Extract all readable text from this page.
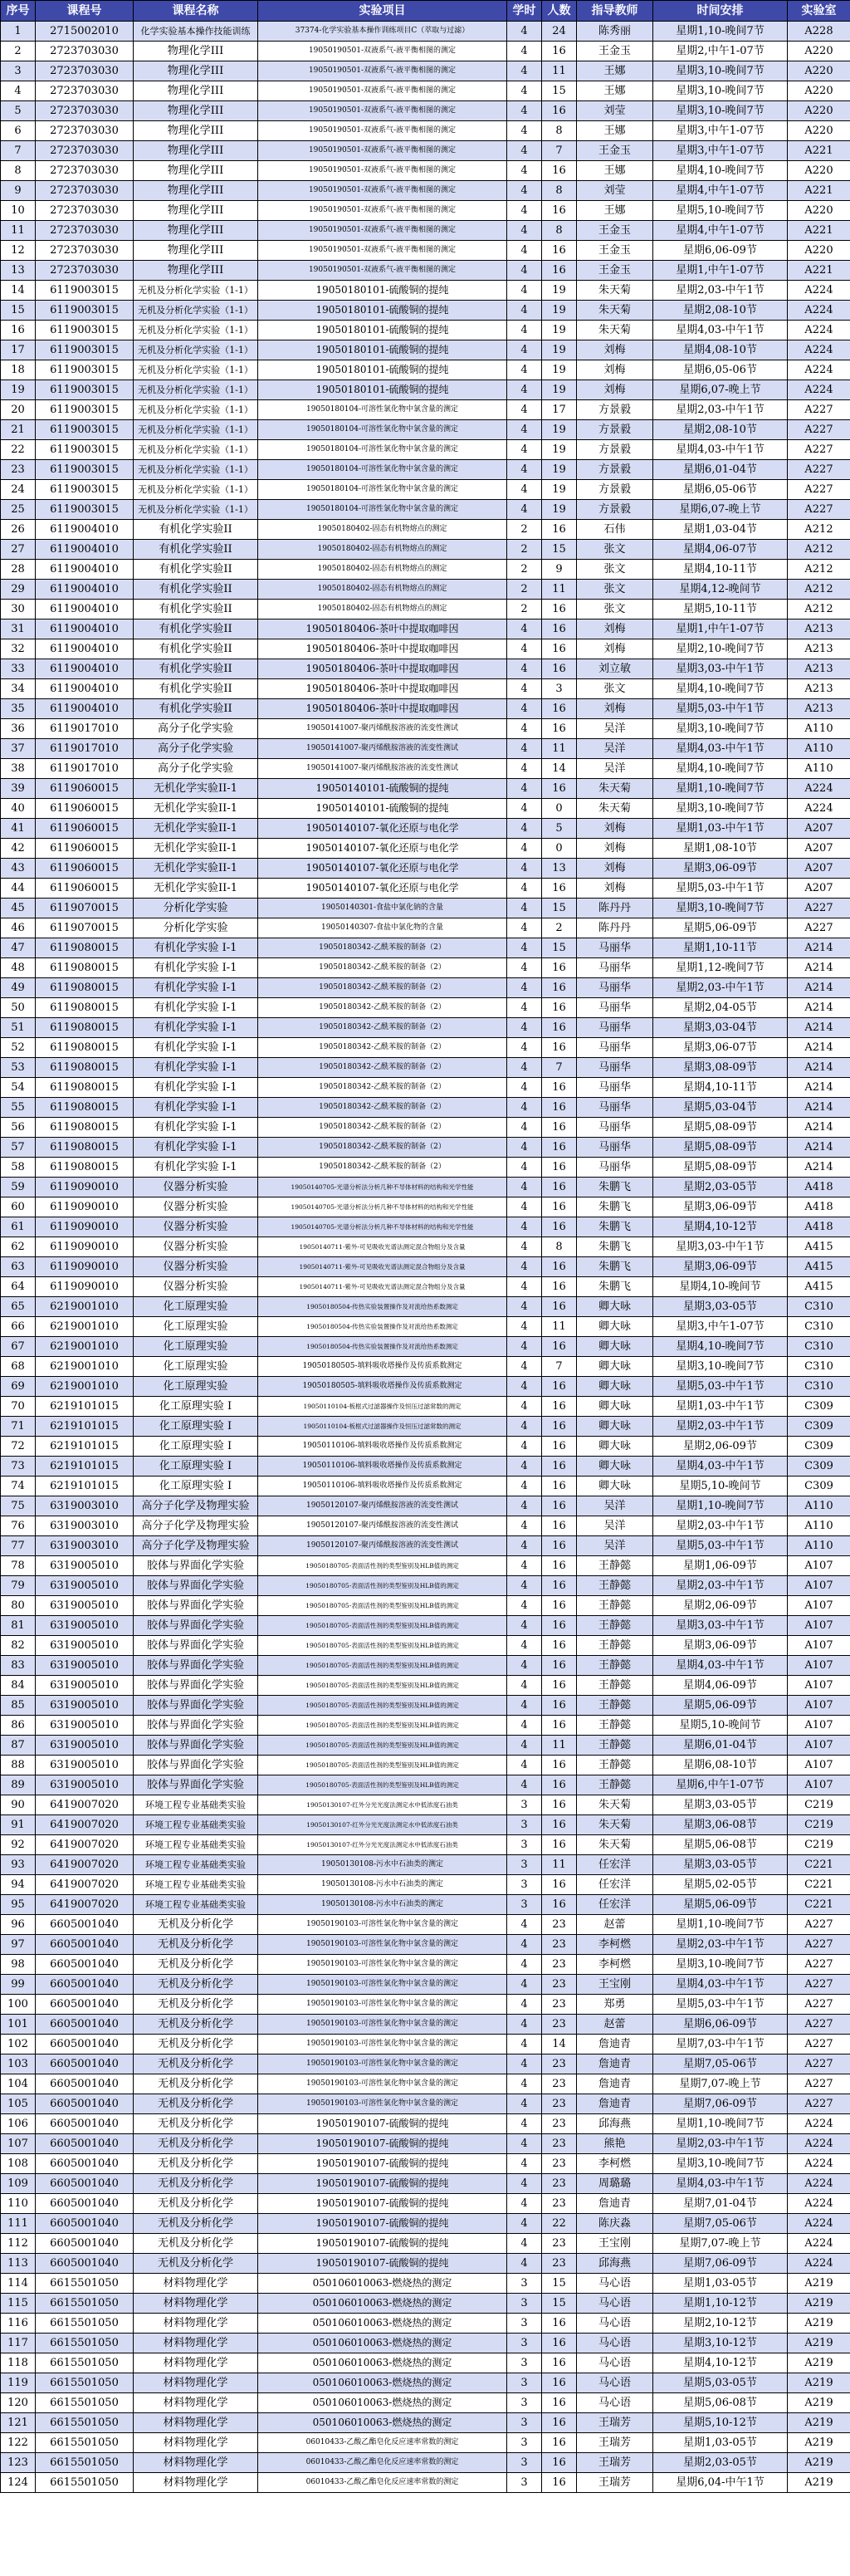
序号	课程号	课程名称	实验项目	学时	人数	指导教师	时间安排	实验室
1	2715002010	化学实验基本操作技能训练	37374-化学实验基本操作训练项目C（萃取与过滤）	4	24	陈秀丽	星期1,10-晚间7节	A228
2	2723703030	物理化学III	19050190501-双液系气-液平衡相图的测定	4	16	王金玉	星期2,中午1-07节	A220
3	2723703030	物理化学III	19050190501-双液系气-液平衡相图的测定	4	11	王娜	星期3,10-晚间7节	A220
4	2723703030	物理化学III	19050190501-双液系气-液平衡相图的测定	4	15	王娜	星期3,10-晚间7节	A220
5	2723703030	物理化学III	19050190501-双液系气-液平衡相图的测定	4	16	刘莹	星期3,10-晚间7节	A220
6	2723703030	物理化学III	19050190501-双液系气-液平衡相图的测定	4	8	王娜	星期3,中午1-07节	A220
7	2723703030	物理化学III	19050190501-双液系气-液平衡相图的测定	4	7	王金玉	星期3,中午1-07节	A221
8	2723703030	物理化学III	19050190501-双液系气-液平衡相图的测定	4	16	王娜	星期4,10-晚间7节	A220
9	2723703030	物理化学III	19050190501-双液系气-液平衡相图的测定	4	8	刘莹	星期4,中午1-07节	A221
10	2723703030	物理化学III	19050190501-双液系气-液平衡相图的测定	4	16	王娜	星期5,10-晚间7节	A220
11	2723703030	物理化学III	19050190501-双液系气-液平衡相图的测定	4	8	王金玉	星期4,中午1-07节	A221
12	2723703030	物理化学III	19050190501-双液系气-液平衡相图的测定	4	16	王金玉	星期6,06-09节	A220
13	2723703030	物理化学III	19050190501-双液系气-液平衡相图的测定	4	16	王金玉	星期1,中午1-07节	A221
14	6119003015	无机及分析化学实验（1-1）	19050180101-硫酸铜的提纯	4	19	朱天菊	星期2,03-中午1节	A224
15	6119003015	无机及分析化学实验（1-1）	19050180101-硫酸铜的提纯	4	19	朱天菊	星期2,08-10节	A224
16	6119003015	无机及分析化学实验（1-1）	19050180101-硫酸铜的提纯	4	19	朱天菊	星期4,03-中午1节	A224
17	6119003015	无机及分析化学实验（1-1）	19050180101-硫酸铜的提纯	4	19	刘梅	星期4,08-10节	A224
18	6119003015	无机及分析化学实验（1-1）	19050180101-硫酸铜的提纯	4	19	刘梅	星期6,05-06节	A224
19	6119003015	无机及分析化学实验（1-1）	19050180101-硫酸铜的提纯	4	19	刘梅	星期6,07-晚上节	A224
20	6119003015	无机及分析化学实验（1-1）	19050180104-可溶性氯化物中氯含量的测定	4	17	方景毅	星期2,03-中午1节	A227
21	6119003015	无机及分析化学实验（1-1）	19050180104-可溶性氯化物中氯含量的测定	4	19	方景毅	星期2,08-10节	A227
22	6119003015	无机及分析化学实验（1-1）	19050180104-可溶性氯化物中氯含量的测定	4	19	方景毅	星期4,03-中午1节	A227
23	6119003015	无机及分析化学实验（1-1）	19050180104-可溶性氯化物中氯含量的测定	4	19	方景毅	星期6,01-04节	A227
24	6119003015	无机及分析化学实验（1-1）	19050180104-可溶性氯化物中氯含量的测定	4	19	方景毅	星期6,05-06节	A227
25	6119003015	无机及分析化学实验（1-1）	19050180104-可溶性氯化物中氯含量的测定	4	19	方景毅	星期6,07-晚上节	A227
26	6119004010	有机化学实验II	19050180402-固态有机物熔点的测定	2	16	石伟	星期1,03-04节	A212
27	6119004010	有机化学实验II	19050180402-固态有机物熔点的测定	2	15	张文	星期4,06-07节	A212
28	6119004010	有机化学实验II	19050180402-固态有机物熔点的测定	2	9	张文	星期4,10-11节	A212
29	6119004010	有机化学实验II	19050180402-固态有机物熔点的测定	2	11	张文	星期4,12-晚间节	A212
30	6119004010	有机化学实验II	19050180402-固态有机物熔点的测定	2	16	张文	星期5,10-11节	A212
31	6119004010	有机化学实验II	19050180406-茶叶中提取咖啡因	4	16	刘梅	星期1,中午1-07节	A213
32	6119004010	有机化学实验II	19050180406-茶叶中提取咖啡因	4	16	刘梅	星期2,10-晚间7节	A213
33	6119004010	有机化学实验II	19050180406-茶叶中提取咖啡因	4	16	刘立敏	星期3,03-中午1节	A213
34	6119004010	有机化学实验II	19050180406-茶叶中提取咖啡因	4	3	张文	星期4,10-晚间7节	A213
35	6119004010	有机化学实验II	19050180406-茶叶中提取咖啡因	4	16	刘梅	星期5,03-中午1节	A213
36	6119017010	高分子化学实验	19050141007-聚丙烯酰胺溶液的流变性测试	4	16	吴洋	星期3,10-晚间7节	A110
37	6119017010	高分子化学实验	19050141007-聚丙烯酰胺溶液的流变性测试	4	11	吴洋	星期4,03-中午1节	A110
38	6119017010	高分子化学实验	19050141007-聚丙烯酰胺溶液的流变性测试	4	14	吴洋	星期4,10-晚间7节	A110
39	6119060015	无机化学实验II-1	19050140101-硫酸铜的提纯	4	16	朱天菊	星期1,10-晚间7节	A224
40	6119060015	无机化学实验II-1	19050140101-硫酸铜的提纯	4	0	朱天菊	星期3,10-晚间7节	A224
41	6119060015	无机化学实验II-1	19050140107-氧化还原与电化学	4	5	刘梅	星期1,03-中午1节	A207
42	6119060015	无机化学实验II-1	19050140107-氧化还原与电化学	4	0	刘梅	星期1,08-10节	A207
43	6119060015	无机化学实验II-1	19050140107-氧化还原与电化学	4	13	刘梅	星期3,06-09节	A207
44	6119060015	无机化学实验II-1	19050140107-氧化还原与电化学	4	16	刘梅	星期5,03-中午1节	A207
45	6119070015	分析化学实验	19050140301-食盐中氯化钠的含量	4	15	陈丹丹	星期3,10-晚间7节	A227
46	6119070015	分析化学实验	19050140307-食盐中氯化物的含量	4	2	陈丹丹	星期5,06-09节	A227
47	6119080015	有机化学实验 I-1	19050180342-乙酰苯胺的制备（2）	4	15	马丽华	星期1,10-11节	A214
48	6119080015	有机化学实验 I-1	19050180342-乙酰苯胺的制备（2）	4	16	马丽华	星期1,12-晚间7节	A214
49	6119080015	有机化学实验 I-1	19050180342-乙酰苯胺的制备（2）	4	16	马丽华	星期2,03-中午1节	A214
50	6119080015	有机化学实验 I-1	19050180342-乙酰苯胺的制备（2）	4	16	马丽华	星期2,04-05节	A214
51	6119080015	有机化学实验 I-1	19050180342-乙酰苯胺的制备（2）	4	16	马丽华	星期3,03-04节	A214
52	6119080015	有机化学实验 I-1	19050180342-乙酰苯胺的制备（2）	4	16	马丽华	星期3,06-07节	A214
53	6119080015	有机化学实验 I-1	19050180342-乙酰苯胺的制备（2）	4	7	马丽华	星期3,08-09节	A214
54	6119080015	有机化学实验 I-1	19050180342-乙酰苯胺的制备（2）	4	16	马丽华	星期4,10-11节	A214
55	6119080015	有机化学实验 I-1	19050180342-乙酰苯胺的制备（2）	4	16	马丽华	星期5,03-04节	A214
56	6119080015	有机化学实验 I-1	19050180342-乙酰苯胺的制备（2）	4	16	马丽华	星期5,08-09节	A214
57	6119080015	有机化学实验 I-1	19050180342-乙酰苯胺的制备（2）	4	16	马丽华	星期5,08-09节	A214
58	6119080015	有机化学实验 I-1	19050180342-乙酰苯胺的制备（2）	4	16	马丽华	星期5,08-09节	A214
59	6119090010	仪器分析实验	19050140705-光谱分析法分析几种不导体材料的结构和光学性能	4	16	朱鹏飞	星期2,03-05节	A418
60	6119090010	仪器分析实验	19050140705-光谱分析法分析几种不导体材料的结构和光学性能	4	16	朱鹏飞	星期3,06-09节	A418
61	6119090010	仪器分析实验	19050140705-光谱分析法分析几种不导体材料的结构和光学性能	4	16	朱鹏飞	星期4,10-12节	A418
62	6119090010	仪器分析实验	19050140711-紫外-可见吸收光谱法测定混合物组分及含量	4	8	朱鹏飞	星期3,03-中午1节	A415
63	6119090010	仪器分析实验	19050140711-紫外-可见吸收光谱法测定混合物组分及含量	4	16	朱鹏飞	星期3,06-09节	A415
64	6119090010	仪器分析实验	19050140711-紫外-可见吸收光谱法测定混合物组分及含量	4	16	朱鹏飞	星期4,10-晚间节	A415
65	6219001010	化工原理实验	19050180504-传热实验装置操作及对流给热系数测定	4	16	卿大咏	星期3,03-05节	C310
66	6219001010	化工原理实验	19050180504-传热实验装置操作及对流给热系数测定	4	11	卿大咏	星期3,中午1-07节	C310
67	6219001010	化工原理实验	19050180504-传热实验装置操作及对流给热系数测定	4	16	卿大咏	星期4,10-晚间7节	C310
68	6219001010	化工原理实验	19050180505-填料吸收塔操作及传质系数测定	4	7	卿大咏	星期3,10-晚间7节	C310
69	6219001010	化工原理实验	19050180505-填料吸收塔操作及传质系数测定	4	16	卿大咏	星期5,03-中午1节	C310
70	6219101015	化工原理实验 I	19050110104-板框式过滤器操作及恒压过滤常数的测定	4	16	卿大咏	星期1,03-中午1节	C309
71	6219101015	化工原理实验 I	19050110104-板框式过滤器操作及恒压过滤常数的测定	4	16	卿大咏	星期2,03-中午1节	C309
72	6219101015	化工原理实验 I	19050110106-填料吸收塔操作及传质系数测定	4	16	卿大咏	星期2,06-09节	C309
73	6219101015	化工原理实验 I	19050110106-填料吸收塔操作及传质系数测定	4	16	卿大咏	星期4,03-中午1节	C309
74	6219101015	化工原理实验 I	19050110106-填料吸收塔操作及传质系数测定	4	16	卿大咏	星期5,10-晚间节	C309
75	6319003010	高分子化学及物理实验	19050120107-聚丙烯酰胺溶液的流变性测试	4	16	吴洋	星期1,10-晚间7节	A110
76	6319003010	高分子化学及物理实验	19050120107-聚丙烯酰胺溶液的流变性测试	4	16	吴洋	星期2,03-中午1节	A110
77	6319003010	高分子化学及物理实验	19050120107-聚丙烯酰胺溶液的流变性测试	4	16	吴洋	星期5,03-中午1节	A110
78	6319005010	胶体与界面化学实验	19050180705-表面活性剂的类型鉴别及HLB值的测定	4	16	王静懿	星期1,06-09节	A107
79	6319005010	胶体与界面化学实验	19050180705-表面活性剂的类型鉴别及HLB值的测定	4	16	王静懿	星期2,03-中午1节	A107
80	6319005010	胶体与界面化学实验	19050180705-表面活性剂的类型鉴别及HLB值的测定	4	16	王静懿	星期2,06-09节	A107
81	6319005010	胶体与界面化学实验	19050180705-表面活性剂的类型鉴别及HLB值的测定	4	16	王静懿	星期3,03-中午1节	A107
82	6319005010	胶体与界面化学实验	19050180705-表面活性剂的类型鉴别及HLB值的测定	4	16	王静懿	星期3,06-09节	A107
83	6319005010	胶体与界面化学实验	19050180705-表面活性剂的类型鉴别及HLB值的测定	4	16	王静懿	星期4,03-中午1节	A107
84	6319005010	胶体与界面化学实验	19050180705-表面活性剂的类型鉴别及HLB值的测定	4	16	王静懿	星期4,06-09节	A107
85	6319005010	胶体与界面化学实验	19050180705-表面活性剂的类型鉴别及HLB值的测定	4	16	王静懿	星期5,06-09节	A107
86	6319005010	胶体与界面化学实验	19050180705-表面活性剂的类型鉴别及HLB值的测定	4	16	王静懿	星期5,10-晚间节	A107
87	6319005010	胶体与界面化学实验	19050180705-表面活性剂的类型鉴别及HLB值的测定	4	11	王静懿	星期6,01-04节	A107
88	6319005010	胶体与界面化学实验	19050180705-表面活性剂的类型鉴别及HLB值的测定	4	16	王静懿	星期6,08-10节	A107
89	6319005010	胶体与界面化学实验	19050180705-表面活性剂的类型鉴别及HLB值的测定	4	16	王静懿	星期6,中午1-07节	A107
90	6419007020	环境工程专业基础类实验	19050130107-红外分光光度法测定水中低浓度石油类	3	16	朱天菊	星期3,03-05节	C219
91	6419007020	环境工程专业基础类实验	19050130107-红外分光光度法测定水中低浓度石油类	3	16	朱天菊	星期3,06-08节	C219
92	6419007020	环境工程专业基础类实验	19050130107-红外分光光度法测定水中低浓度石油类	3	16	朱天菊	星期5,06-08节	C219
93	6419007020	环境工程专业基础类实验	19050130108-污水中石油类的测定	3	11	任宏洋	星期3,03-05节	C221
94	6419007020	环境工程专业基础类实验	19050130108-污水中石油类的测定	3	16	任宏洋	星期5,02-05节	C221
95	6419007020	环境工程专业基础类实验	19050130108-污水中石油类的测定	3	16	任宏洋	星期5,06-09节	C221
96	6605001040	无机及分析化学	19050190103-可溶性氯化物中氯含量的测定	4	23	赵蕾	星期1,10-晚间7节	A227
97	6605001040	无机及分析化学	19050190103-可溶性氯化物中氯含量的测定	4	23	李柯燃	星期2,03-中午1节	A227
98	6605001040	无机及分析化学	19050190103-可溶性氯化物中氯含量的测定	4	23	李柯燃	星期3,10-晚间7节	A227
99	6605001040	无机及分析化学	19050190103-可溶性氯化物中氯含量的测定	4	23	王宝刚	星期4,03-中午1节	A227
100	6605001040	无机及分析化学	19050190103-可溶性氯化物中氯含量的测定	4	23	郑勇	星期5,03-中午1节	A227
101	6605001040	无机及分析化学	19050190103-可溶性氯化物中氯含量的测定	4	23	赵蕾	星期6,06-09节	A227
102	6605001040	无机及分析化学	19050190103-可溶性氯化物中氯含量的测定	4	14	詹迪青	星期7,03-中午1节	A227
103	6605001040	无机及分析化学	19050190103-可溶性氯化物中氯含量的测定	4	23	詹迪青	星期7,05-06节	A227
104	6605001040	无机及分析化学	19050190103-可溶性氯化物中氯含量的测定	4	23	詹迪青	星期7,07-晚上节	A227
105	6605001040	无机及分析化学	19050190103-可溶性氯化物中氯含量的测定	4	23	詹迪青	星期7,06-09节	A227
106	6605001040	无机及分析化学	19050190107-硫酸铜的提纯	4	23	邱海燕	星期1,10-晚间7节	A224
107	6605001040	无机及分析化学	19050190107-硫酸铜的提纯	4	23	熊艳	星期2,03-中午1节	A224
108	6605001040	无机及分析化学	19050190107-硫酸铜的提纯	4	23	李柯燃	星期3,10-晚间7节	A224
109	6605001040	无机及分析化学	19050190107-硫酸铜的提纯	4	23	周璐璐	星期4,03-中午1节	A224
110	6605001040	无机及分析化学	19050190107-硫酸铜的提纯	4	23	詹迪青	星期7,01-04节	A224
111	6605001040	无机及分析化学	19050190107-硫酸铜的提纯	4	22	陈庆淼	星期7,05-06节	A224
112	6605001040	无机及分析化学	19050190107-硫酸铜的提纯	4	23	王宝刚	星期7,07-晚上节	A224
113	6605001040	无机及分析化学	19050190107-硫酸铜的提纯	4	23	邱海燕	星期7,06-09节	A224
114	6615501050	材料物理化学	050106010063-燃烧热的测定	3	15	马心语	星期1,03-05节	A219
115	6615501050	材料物理化学	050106010063-燃烧热的测定	3	15	马心语	星期1,10-12节	A219
116	6615501050	材料物理化学	050106010063-燃烧热的测定	3	16	马心语	星期2,10-12节	A219
117	6615501050	材料物理化学	050106010063-燃烧热的测定	3	16	马心语	星期3,10-12节	A219
118	6615501050	材料物理化学	050106010063-燃烧热的测定	3	16	马心语	星期4,10-12节	A219
119	6615501050	材料物理化学	050106010063-燃烧热的测定	3	16	马心语	星期5,03-05节	A219
120	6615501050	材料物理化学	050106010063-燃烧热的测定	3	16	马心语	星期5,06-08节	A219
121	6615501050	材料物理化学	050106010063-燃烧热的测定	3	16	王瑞芳	星期5,10-12节	A219
122	6615501050	材料物理化学	06010433-乙酸乙酯皂化反应速率常数的测定	3	16	王瑞芳	星期1,03-05节	A219
123	6615501050	材料物理化学	06010433-乙酸乙酯皂化反应速率常数的测定	3	16	王瑞芳	星期2,03-05节	A219
124	6615501050	材料物理化学	06010433-乙酸乙酯皂化反应速率常数的测定	3	16	王瑞芳	星期6,04-中午1节	A219
